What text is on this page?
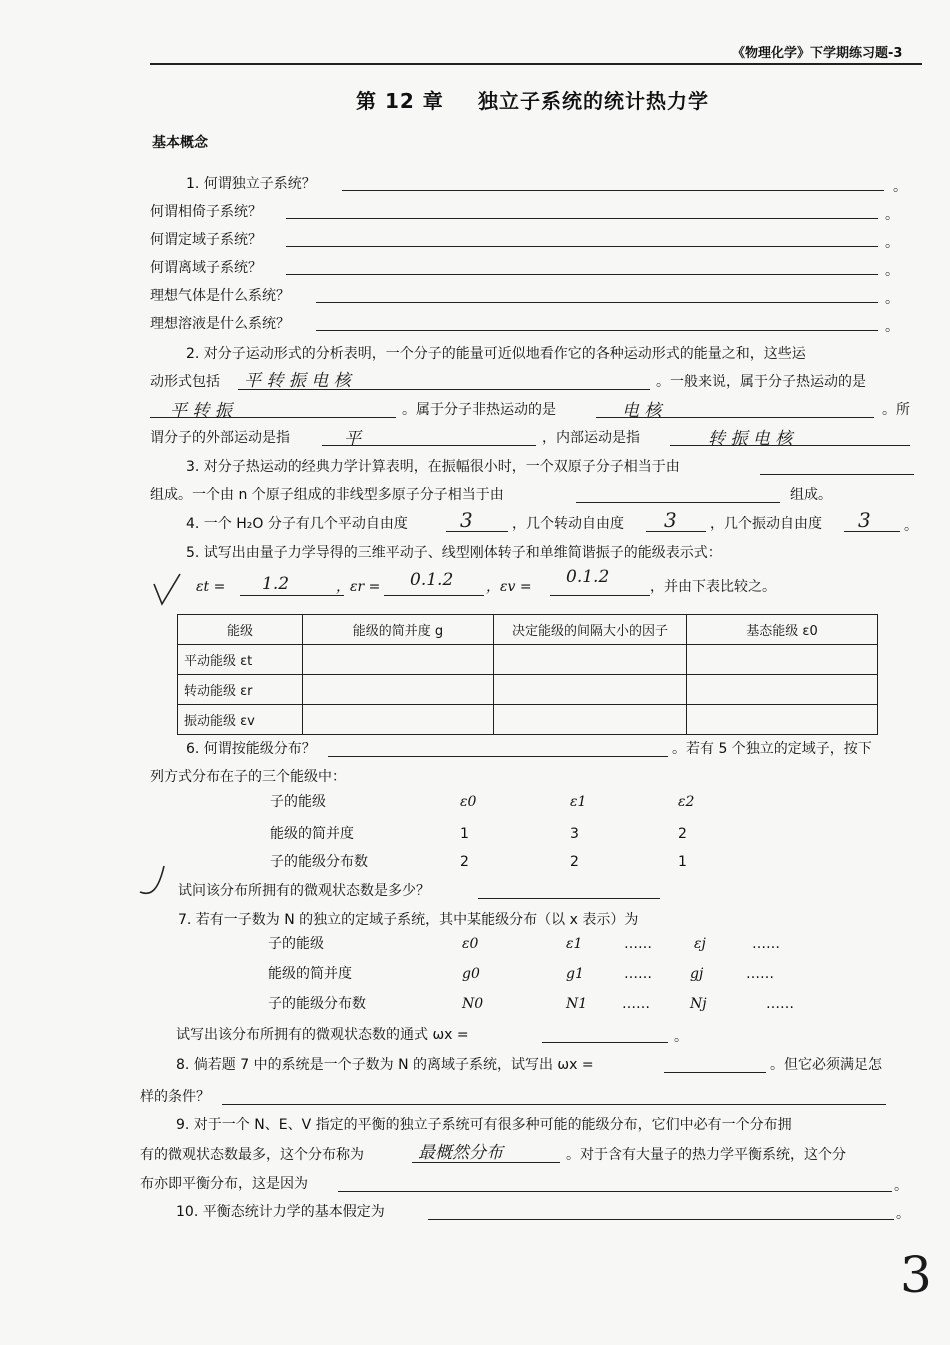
《物理化学》下学期练习题-3
第 12 章 独立子系统的统计热力学
基本概念
1. 何谓独立子系统？	。
何谓相倚子系统？	。
何谓定域子系统？	。
何谓离域子系统？	。
理想气体是什么系统？	。
理想溶液是什么系统？	。
2. 对分子运动形式的分析表明，一个分子的能量可近似地看作它的各种运动形式的能量之和，这些运
动形式包括 平 转 振 电 核	。一般来说，属于分子热运动的是
平 转 振	。属于分子非热运动的是	电 核	。所
谓分子的外部运动是指	平	，内部运动是指	转 振 电 核
3. 对分子热运动的经典力学计算表明，在振幅很小时，一个双原子分子相当于由
组成。一个由 n 个原子组成的非线型多原子分子相当于由	组成。
4. 一个 H₂O 分子有几个平动自由度	3	，几个转动自由度 3 ，几个振动自由度 3 。
5. 试写出由量子力学导得的三维平动子、线型刚体转子和单维简谐振子的能级表示式：
εt = 1.2	，εr = 0.1.2 ，εv = 0.1.2	，并由下表比较之。
能级	能级的简并度 g	决定能级的间隔大小的因子	基态能级 ε0
平动能级 εt			
转动能级 εr			
振动能级 εv			
6. 何谓按能级分布？	。若有 5 个独立的定域子，按下
列方式分布在子的三个能级中：
子的能级	ε0	ε1	ε2
能级的简并度	1	3	2
子的能级分布数	2	2	1
试问该分布所拥有的微观状态数是多少？
7. 若有一子数为 N 的独立的定域子系统，其中某能级分布（以 x 表示）为
子的能级	ε0	ε1	……	εj	……
能级的简并度	g0	g1	……	gj	……
子的能级分布数	N0	N1 ……	Nj	……
试写出该分布所拥有的微观状态数的通式 ωx =	。
8. 倘若题 7 中的系统是一个子数为 N 的离域子系统，试写出 ωx =	。但它必须满足怎
样的条件？
9. 对于一个 N、E、V 指定的平衡的独立子系统可有很多种可能的能级分布，它们中必有一个分布拥
有的微观状态数最多，这个分布称为	最概然分布	。对于含有大量子的热力学平衡系统，这个分
布亦即平衡分布，这是因为	。
10. 平衡态统计力学的基本假定为	。
3
